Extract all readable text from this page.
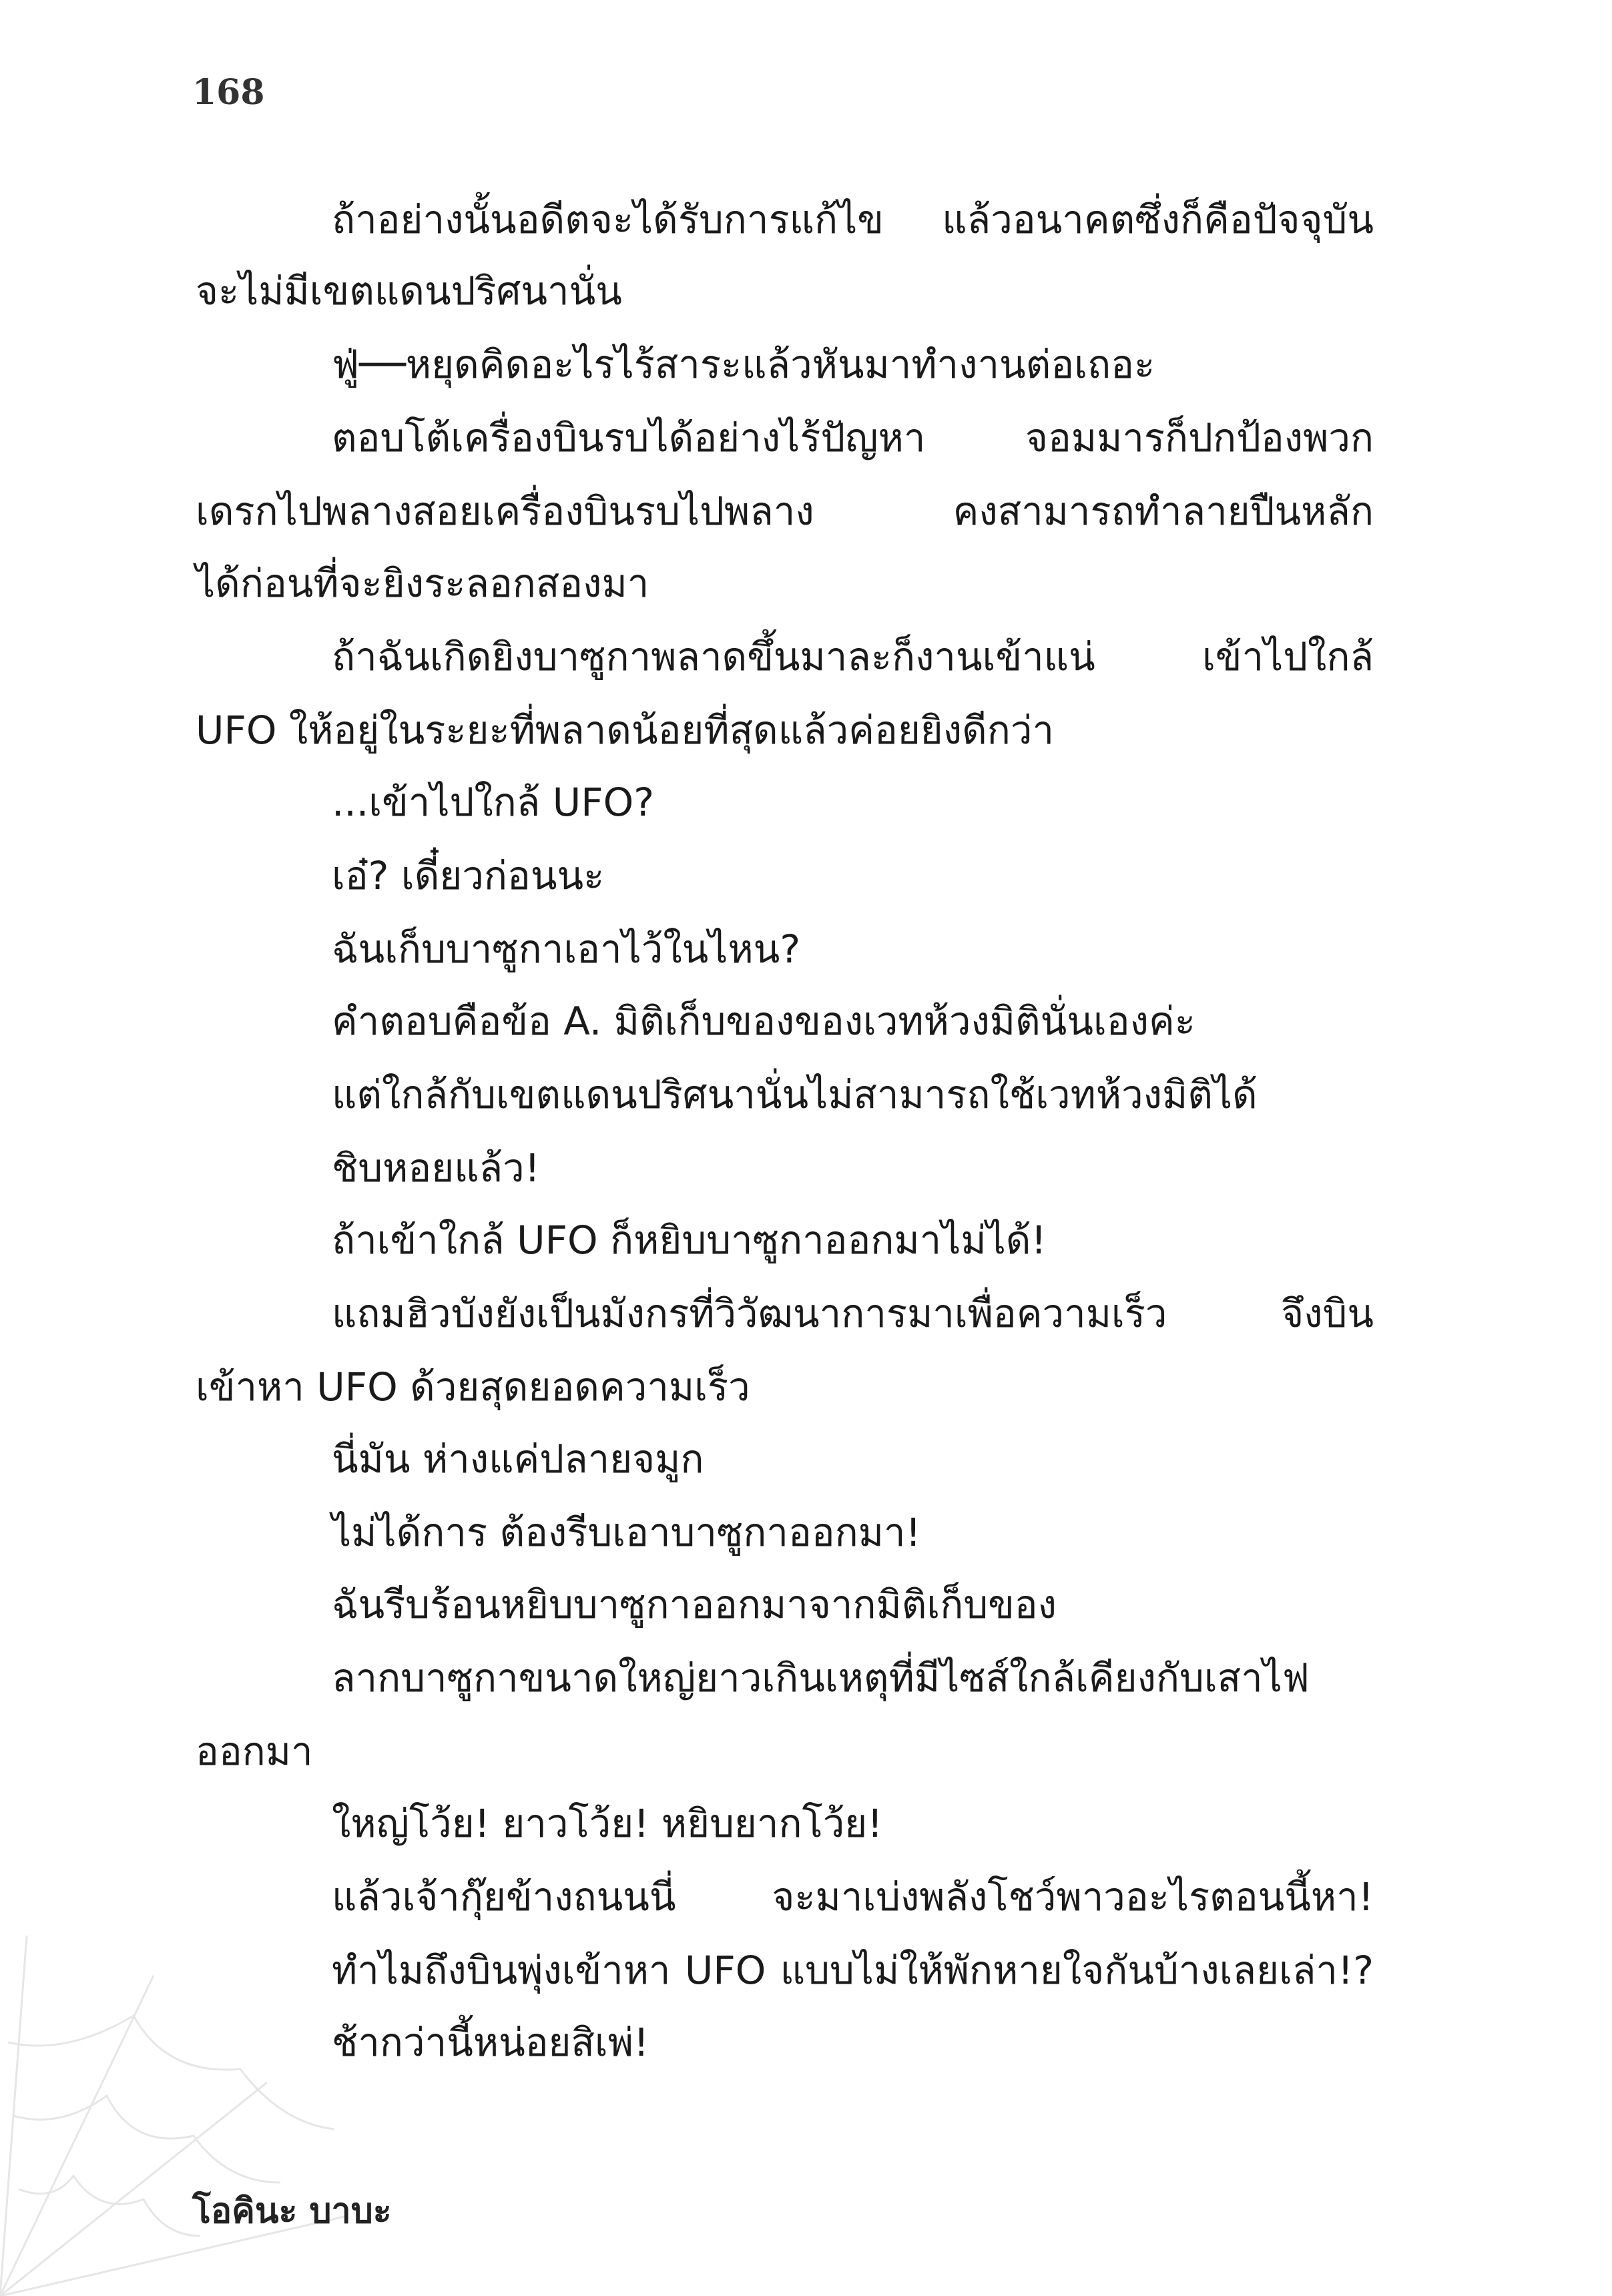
168
ถ้าอย่างนั้นอดีตจะได้รับการแก้ไข แล้วอนาคตซึ่งก็คือปัจจุบัน
จะไม่มีเขตแดนปริศนานั่น
ฟู่──หยุดคิดอะไรไร้สาระแล้วหันมาทำงานต่อเถอะ
ตอบโต้เครื่องบินรบได้อย่างไร้ปัญหา จอมมารก็ปกป้องพวก
เดรกไปพลางสอยเครื่องบินรบไปพลาง คงสามารถทำลายปืนหลัก
ได้ก่อนที่จะยิงระลอกสองมา
ถ้าฉันเกิดยิงบาซูกาพลาดขึ้นมาละก็งานเข้าแน่ เข้าไปใกล้
UFO ให้อยู่ในระยะที่พลาดน้อยที่สุดแล้วค่อยยิงดีกว่า
...เข้าไปใกล้ UFO?
เอ๋? เดี๋ยวก่อนนะ
ฉันเก็บบาซูกาเอาไว้ในไหน?
คำตอบคือข้อ A. มิติเก็บของของเวทห้วงมิตินั่นเองค่ะ
แต่ใกล้กับเขตแดนปริศนานั่นไม่สามารถใช้เวทห้วงมิติได้
ชิบหอยแล้ว!
ถ้าเข้าใกล้ UFO ก็หยิบบาซูกาออกมาไม่ได้!
แถมฮิวบังยังเป็นมังกรที่วิวัฒนาการมาเพื่อความเร็ว จึงบิน
เข้าหา UFO ด้วยสุดยอดความเร็ว
นี่มัน ห่างแค่ปลายจมูก
ไม่ได้การ ต้องรีบเอาบาซูกาออกมา!
ฉันรีบร้อนหยิบบาซูกาออกมาจากมิติเก็บของ
ลากบาซูกาขนาดใหญ่ยาวเกินเหตุที่มีไซส์ใกล้เคียงกับเสาไฟ
ออกมา
ใหญ่โว้ย! ยาวโว้ย! หยิบยากโว้ย!
แล้วเจ้ากุ๊ยข้างถนนนี่ จะมาเบ่งพลังโชว์พาวอะไรตอนนี้หา!
ทำไมถึงบินพุ่งเข้าหา UFO แบบไม่ให้พักหายใจกันบ้างเลยเล่า!?
ช้ากว่านี้หน่อยสิเพ่!
โอคินะ บาบะ
